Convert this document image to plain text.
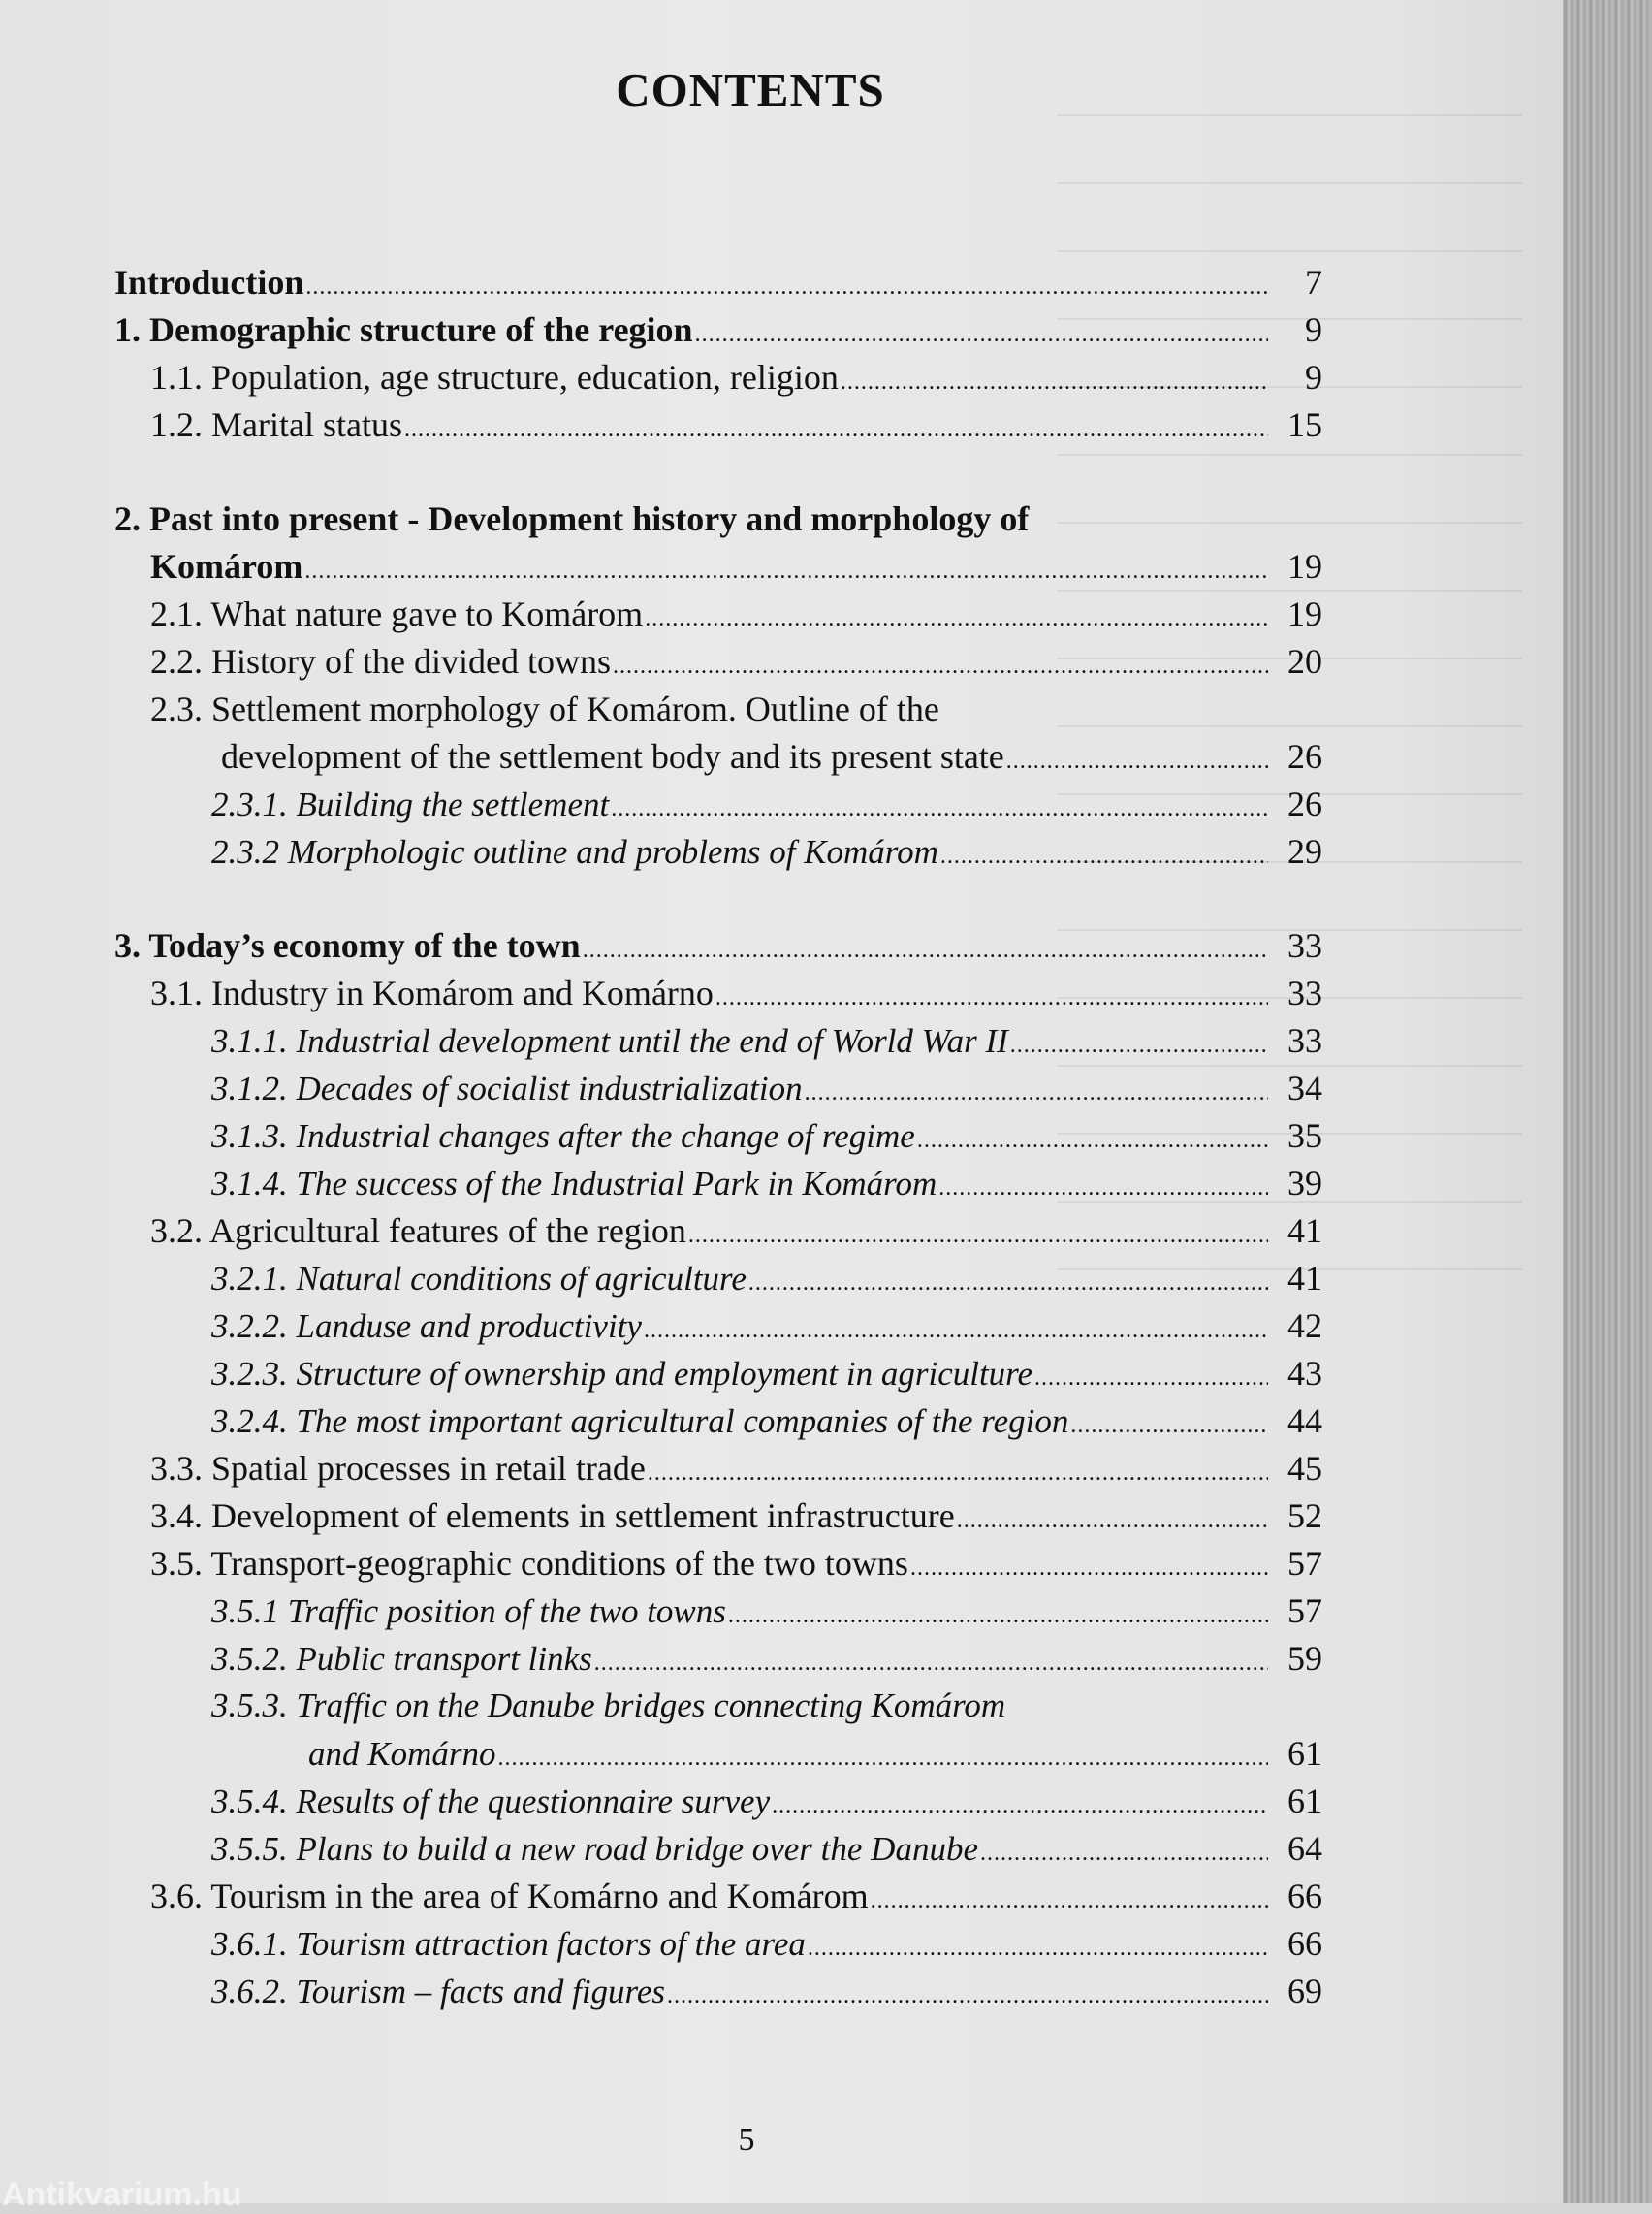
CONTENTS
Introduction .....	7
1. Demographic structure of the region .....	9
1.1. Population, age structure, education, religion .....	9
1.2. Marital status .....	15
2. Past into present - Development history and morphology of
Komárom .....	19
2.1. What nature gave to Komárom .....	19
2.2. History of the divided towns .....	20
2.3. Settlement morphology of Komárom. Outline of the
development of the settlement body and its present state .....	26
2.3.1. Building the settlement .....	26
2.3.2 Morphologic outline and problems of Komárom .....	29
3. Today’s economy of the town .....	33
3.1. Industry in Komárom and Komárno .....	33
3.1.1. Industrial development until the end of World War II .....	33
3.1.2. Decades of socialist industrialization .....	34
3.1.3. Industrial changes after the change of regime .....	35
3.1.4. The success of the Industrial Park in Komárom .....	39
3.2. Agricultural features of the region .....	41
3.2.1. Natural conditions of agriculture .....	41
3.2.2. Landuse and productivity .....	42
3.2.3. Structure of ownership and employment in agriculture .....	43
3.2.4. The most important agricultural companies of the region .....	44
3.3. Spatial processes in retail trade .....	45
3.4. Development of elements in settlement infrastructure .....	52
3.5. Transport-geographic conditions of the two towns .....	57
3.5.1 Traffic position of the two towns .....	57
3.5.2. Public transport links .....	59
3.5.3. Traffic on the Danube bridges connecting Komárom
and Komárno .....	61
3.5.4. Results of the questionnaire survey .....	61
3.5.5. Plans to build a new road bridge over the Danube .....	64
3.6. Tourism in the area of Komárno and Komárom .....	66
3.6.1. Tourism attraction factors of the area .....	66
3.6.2. Tourism – facts and figures .....	69
5
Antikvarium.hu
